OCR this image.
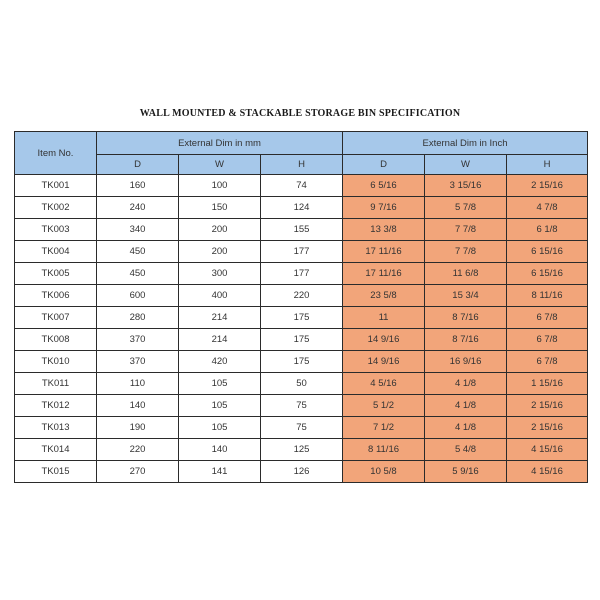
WALL MOUNTED & STACKABLE STORAGE BIN SPECIFICATION
Item No.	External Dim in mm			External Dim in Inch		
	D	W	H	D	W	H
TK001	160	100	74	6 5/16	3 15/16	2 15/16
TK002	240	150	124	9 7/16	5 7/8	4 7/8
TK003	340	200	155	13 3/8	7 7/8	6 1/8
TK004	450	200	177	17 11/16	7 7/8	6 15/16
TK005	450	300	177	17 11/16	11 6/8	6 15/16
TK006	600	400	220	23 5/8	15 3/4	8 11/16
TK007	280	214	175	11	8 7/16	6 7/8
TK008	370	214	175	14 9/16	8 7/16	6 7/8
TK010	370	420	175	14 9/16	16 9/16	6 7/8
TK011	110	105	50	4 5/16	4 1/8	1 15/16
TK012	140	105	75	5 1/2	4 1/8	2 15/16
TK013	190	105	75	7 1/2	4 1/8	2 15/16
TK014	220	140	125	8 11/16	5 4/8	4 15/16
TK015	270	141	126	10 5/8	5 9/16	4 15/16
